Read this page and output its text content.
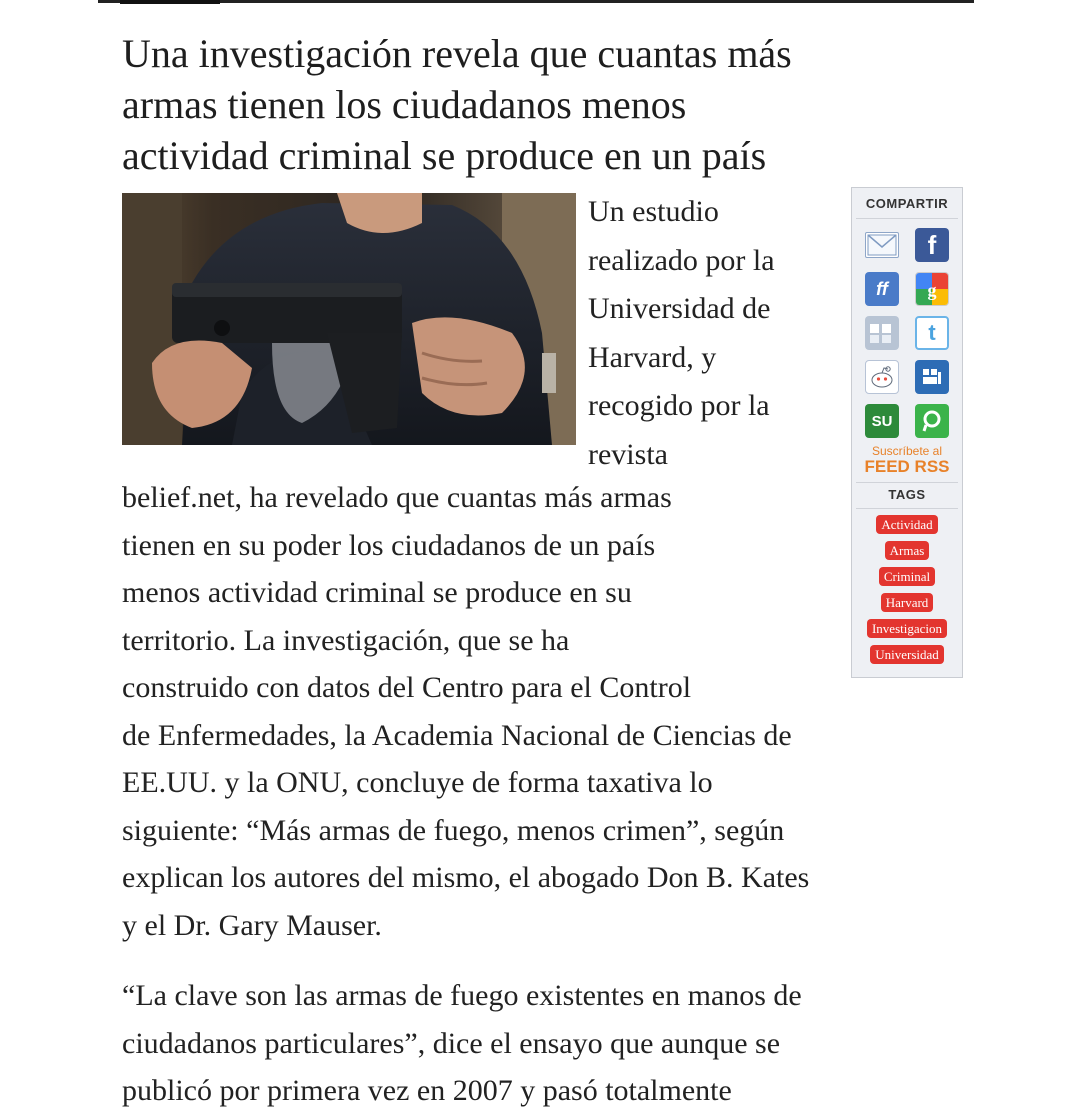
Una investigación revela que cuantas más
armas tienen los ciudadanos menos
actividad criminal se produce en un país
Un estudio
realizado por la
Universidad de
Harvard, y
recogido por la
revista
belief.net, ha revelado que cuantas más armas
tienen en su poder los ciudadanos de un país
menos actividad criminal se produce en su
territorio. La investigación, que se ha
construido con datos del Centro para el Control
de Enfermedades, la Academia Nacional de Ciencias de
EE.UU. y la ONU, concluye de forma taxativa lo
siguiente: “Más armas de fuego, menos crimen”, según
explican los autores del mismo, el abogado Don B. Kates
y el Dr. Gary Mauser.
“La clave son las armas de fuego existentes en manos de
ciudadanos particulares”, dice el ensayo que aunque se
publicó por primera vez en 2007 y pasó totalmente
COMPARTIR
f
ff	g
t
SU
Suscríbete al
FEED RSS
TAGS
Actividad
Armas
Criminal
Harvard
Investigacion
Universidad
